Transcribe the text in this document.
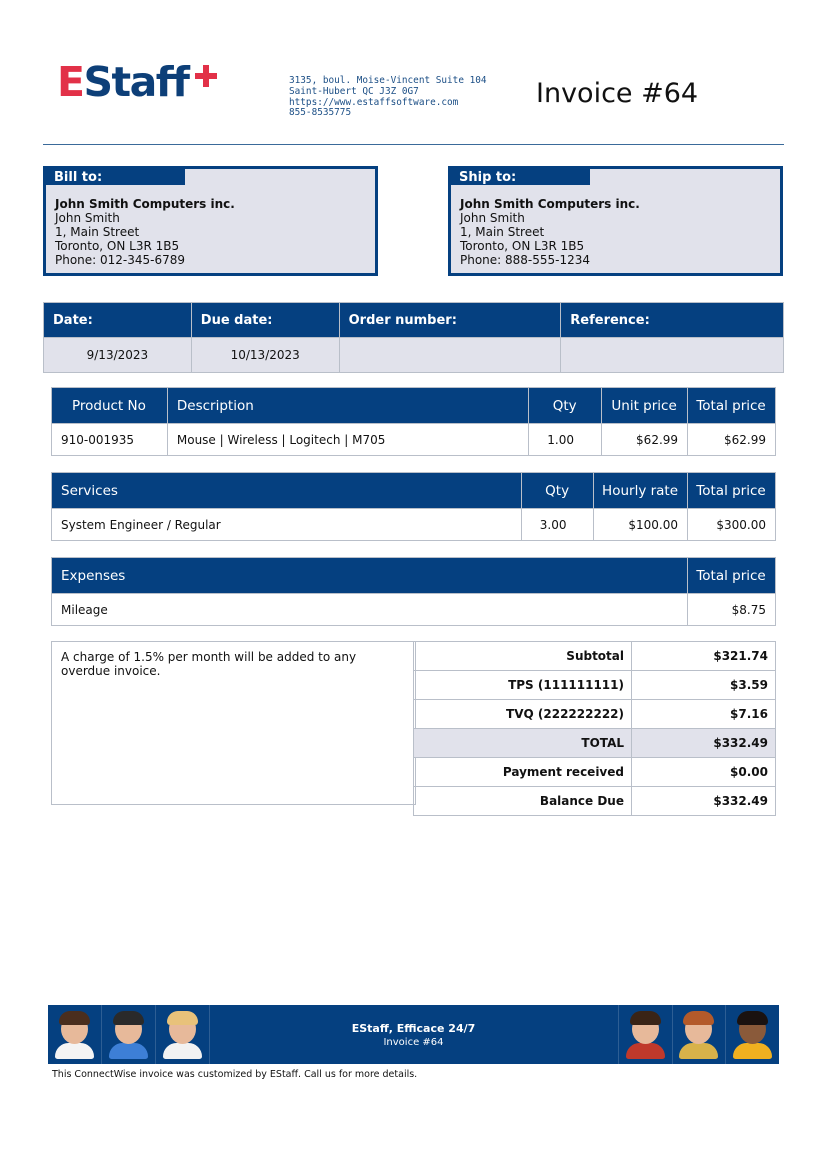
EStaff	3135, boul. Moise-Vincent Suite 104
Saint-Hubert QC J3Z 0G7
https://www.estaffsoftware.com
855-8535775
Invoice #64
Bill to:
John Smith Computers inc.
John Smith
1, Main Street
Toronto, ON L3R 1B5
Phone: 012-345-6789
Ship to:
John Smith Computers inc.
John Smith
1, Main Street
Toronto, ON L3R 1B5
Phone: 888-555-1234
Date:	Due date:	Order number:	Reference:
9/13/2023	10/13/2023		
Product No	Description	Qty	Unit price	Total price
910-001935	Mouse | Wireless | Logitech | M705	1.00	$62.99	$62.99
Services	Qty	Hourly rate	Total price
System Engineer / Regular	3.00	$100.00	$300.00
Expenses	Total price
Mileage	$8.75
A charge of 1.5% per month will be added to any overdue invoice.
Subtotal	$321.74
TPS (111111111)	$3.59
TVQ (222222222)	$7.16
TOTAL	$332.49
Payment received	$0.00
Balance Due	$332.49
EStaff, Efficace 24/7
Invoice #64
This ConnectWise invoice was customized by EStaff. Call us for more details.
